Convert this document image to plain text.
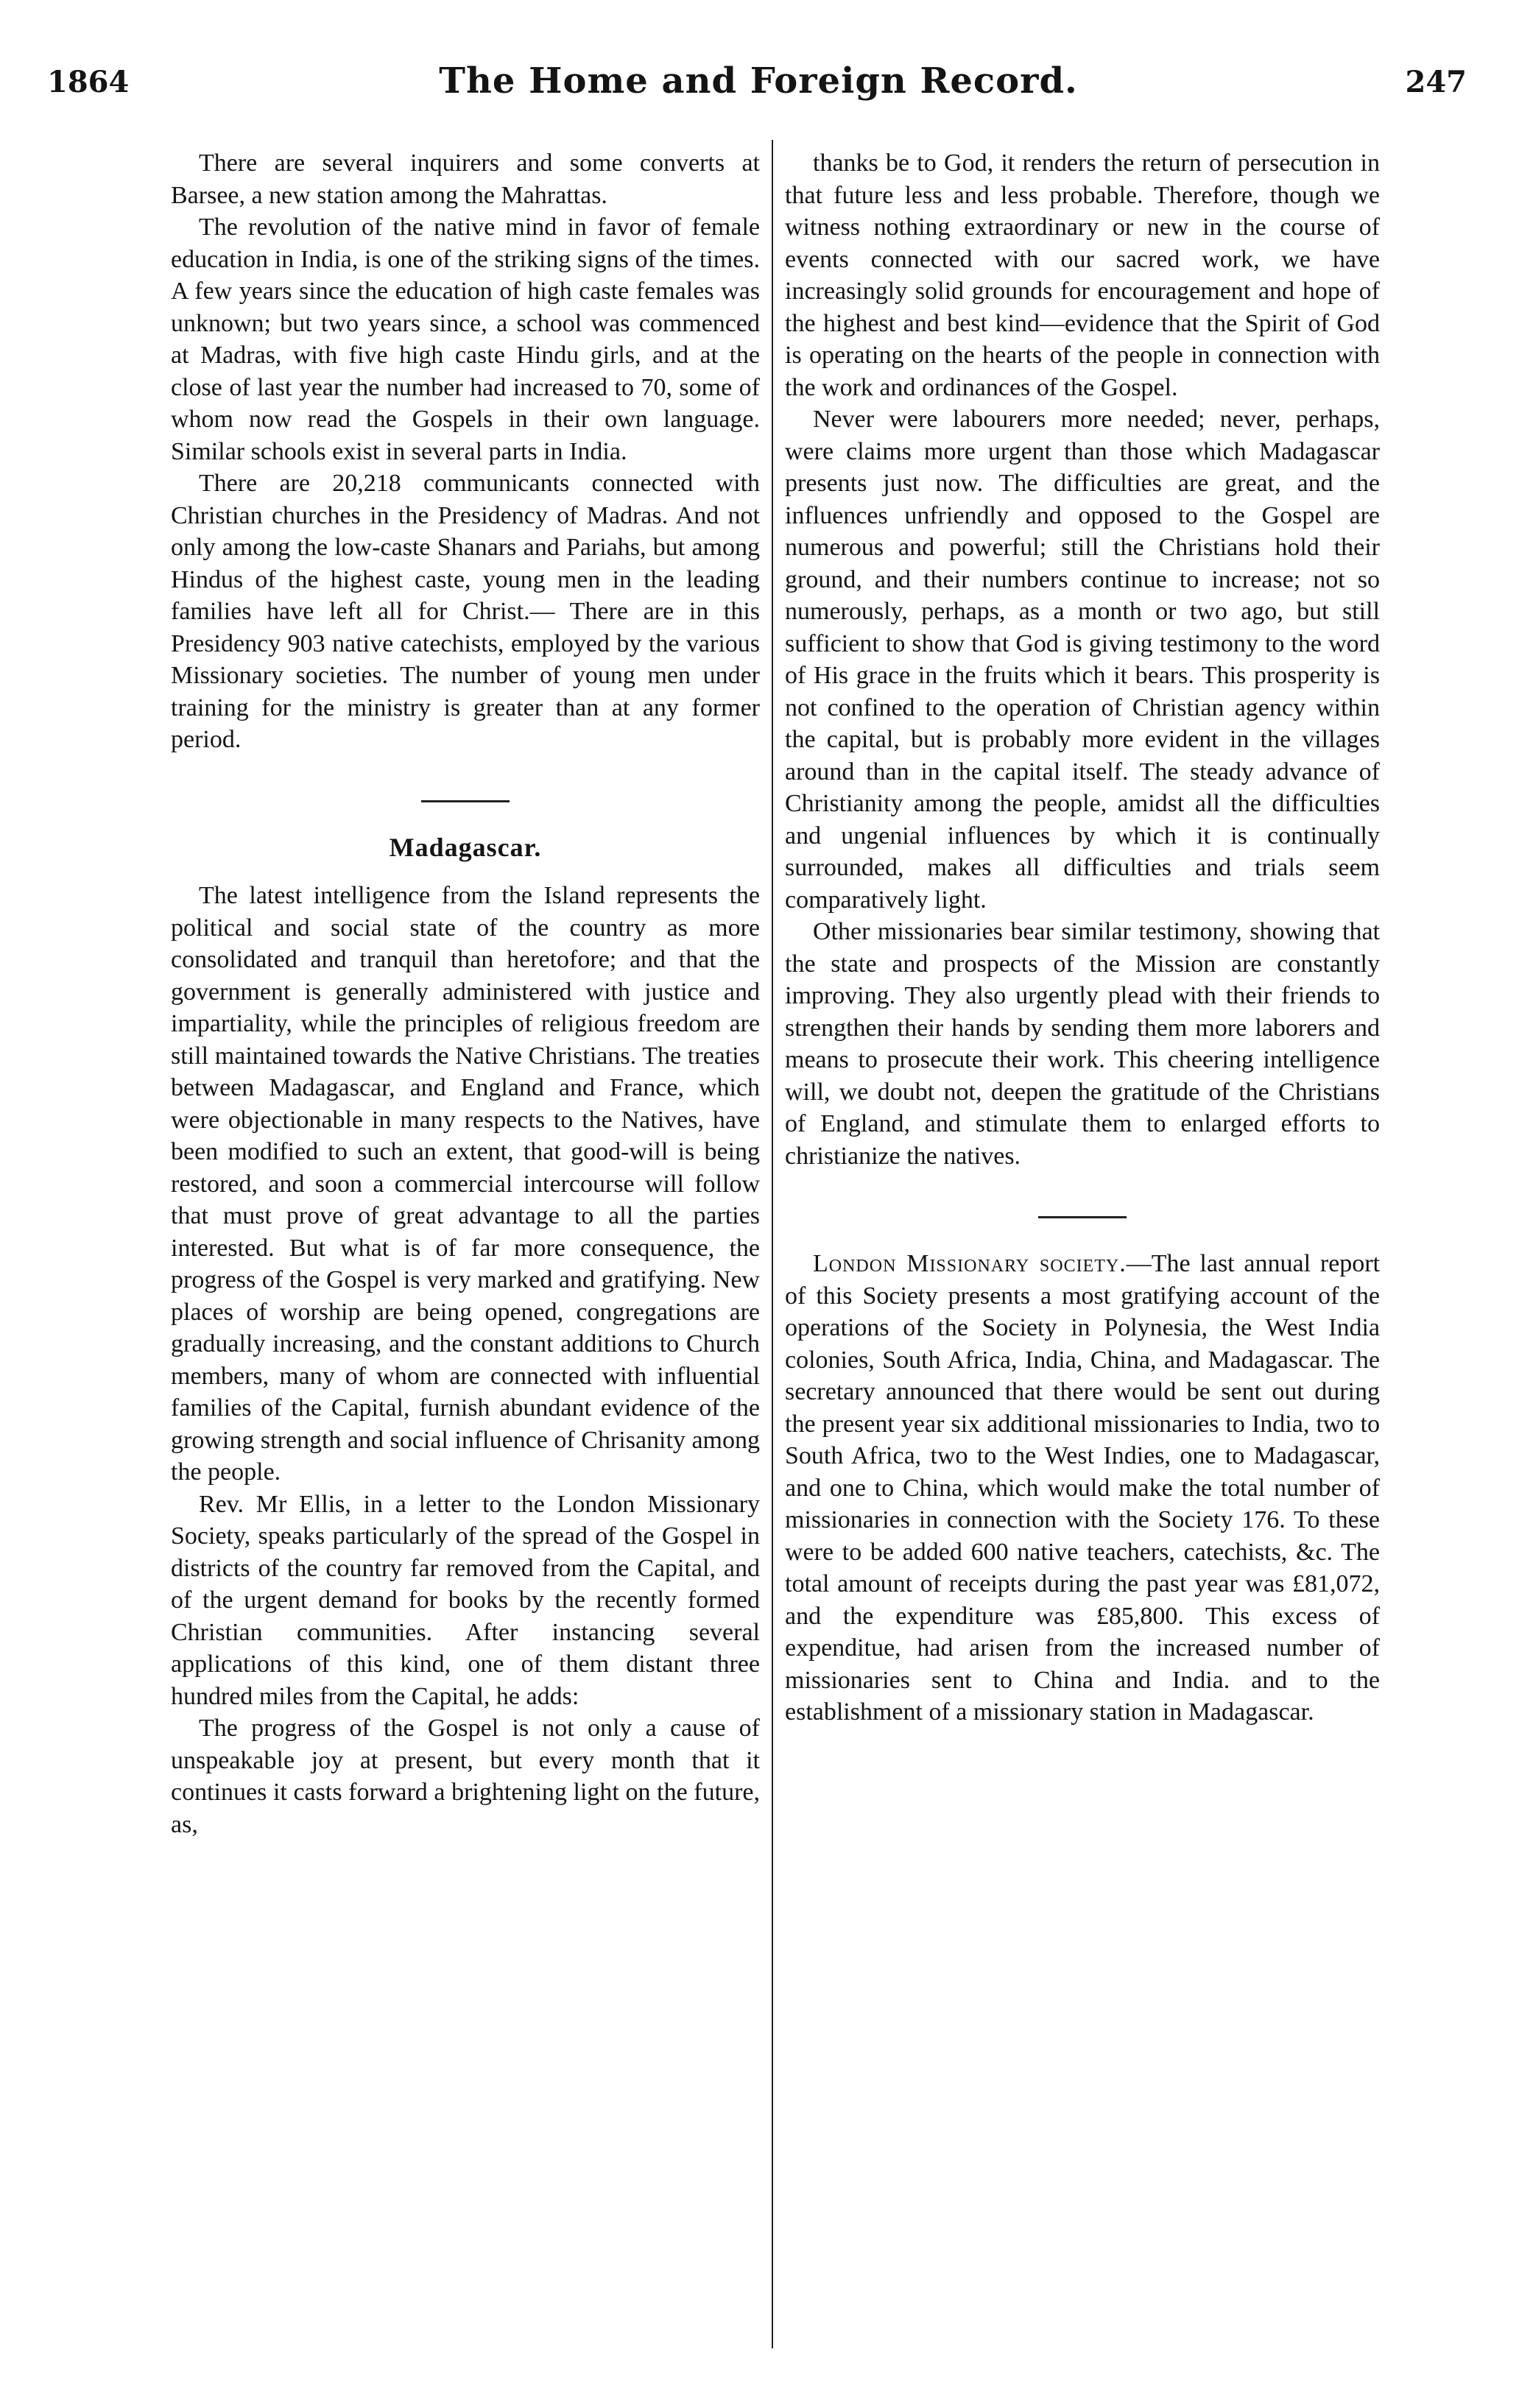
1864	The Home and Foreign Record.	247

There are several inquirers and some converts at Barsee, a new station among the Mahrattas.

The revolution of the native mind in favor of female education in India, is one of the striking signs of the times. A few years since the education of high caste females was unknown; but two years since, a school was commenced at Madras, with five high caste Hindu girls, and at the close of last year the number had increased to 70, some of whom now read the Gospels in their own language. Similar schools exist in several parts in India.

There are 20,218 communicants connected with Christian churches in the Presidency of Madras. And not only among the low-caste Shanars and Pariahs, but among Hindus of the highest caste, young men in the leading families have left all for Christ.— There are in this Presidency 903 native catechists, employed by the various Missionary societies. The number of young men under training for the ministry is greater than at any former period.

Madagascar.

The latest intelligence from the Island represents the political and social state of the country as more consolidated and tranquil than heretofore; and that the government is generally administered with justice and impartiality, while the principles of religious freedom are still maintained towards the Native Christians. The treaties between Madagascar, and England and France, which were objectionable in many respects to the Natives, have been modified to such an extent, that good-will is being restored, and soon a commercial intercourse will follow that must prove of great advantage to all the parties interested. But what is of far more consequence, the progress of the Gospel is very marked and gratifying. New places of worship are being opened, congregations are gradually increasing, and the constant additions to Church members, many of whom are connected with influential families of the Capital, furnish abundant evidence of the growing strength and social influence of Chrisanity among the people.

Rev. Mr Ellis, in a letter to the London Missionary Society, speaks particularly of the spread of the Gospel in districts of the country far removed from the Capital, and of the urgent demand for books by the recently formed Christian communities. After instancing several applications of this kind, one of them distant three hundred miles from the Capital, he adds:

The progress of the Gospel is not only a cause of unspeakable joy at present, but every month that it continues it casts forward a brightening light on the future, as,

thanks be to God, it renders the return of persecution in that future less and less probable. Therefore, though we witness nothing extraordinary or new in the course of events connected with our sacred work, we have increasingly solid grounds for encouragement and hope of the highest and best kind—evidence that the Spirit of God is operating on the hearts of the people in connection with the work and ordinances of the Gospel.

Never were labourers more needed; never, perhaps, were claims more urgent than those which Madagascar presents just now. The difficulties are great, and the influences unfriendly and opposed to the Gospel are numerous and powerful; still the Christians hold their ground, and their numbers continue to increase; not so numerously, perhaps, as a month or two ago, but still sufficient to show that God is giving testimony to the word of His grace in the fruits which it bears. This prosperity is not confined to the operation of Christian agency within the capital, but is probably more evident in the villages around than in the capital itself. The steady advance of Christianity among the people, amidst all the difficulties and ungenial influences by which it is continually surrounded, makes all difficulties and trials seem comparatively light.

Other missionaries bear similar testimony, showing that the state and prospects of the Mission are constantly improving. They also urgently plead with their friends to strengthen their hands by sending them more laborers and means to prosecute their work. This cheering intelligence will, we doubt not, deepen the gratitude of the Christians of England, and stimulate them to enlarged efforts to christianize the natives.

London Missionary society.—The last annual report of this Society presents a most gratifying account of the operations of the Society in Polynesia, the West India colonies, South Africa, India, China, and Madagascar. The secretary announced that there would be sent out during the present year six additional missionaries to India, two to South Africa, two to the West Indies, one to Madagascar, and one to China, which would make the total number of missionaries in connection with the Society 176. To these were to be added 600 native teachers, catechists, &c. The total amount of receipts during the past year was £81,072, and the expenditure was £85,800. This excess of expenditue, had arisen from the increased number of missionaries sent to China and India. and to the establishment of a missionary station in Madagascar.
